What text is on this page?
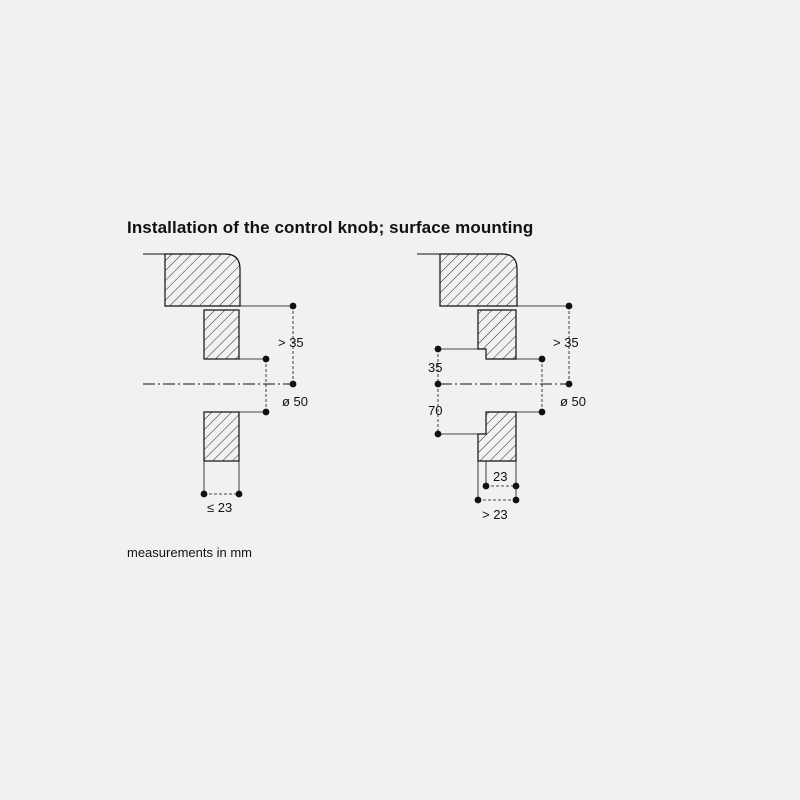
Installation of the control knob; surface mounting
> 35
ø 50
≤ 23
> 35
ø 50
35
70
23
> 23

measurements in mm
